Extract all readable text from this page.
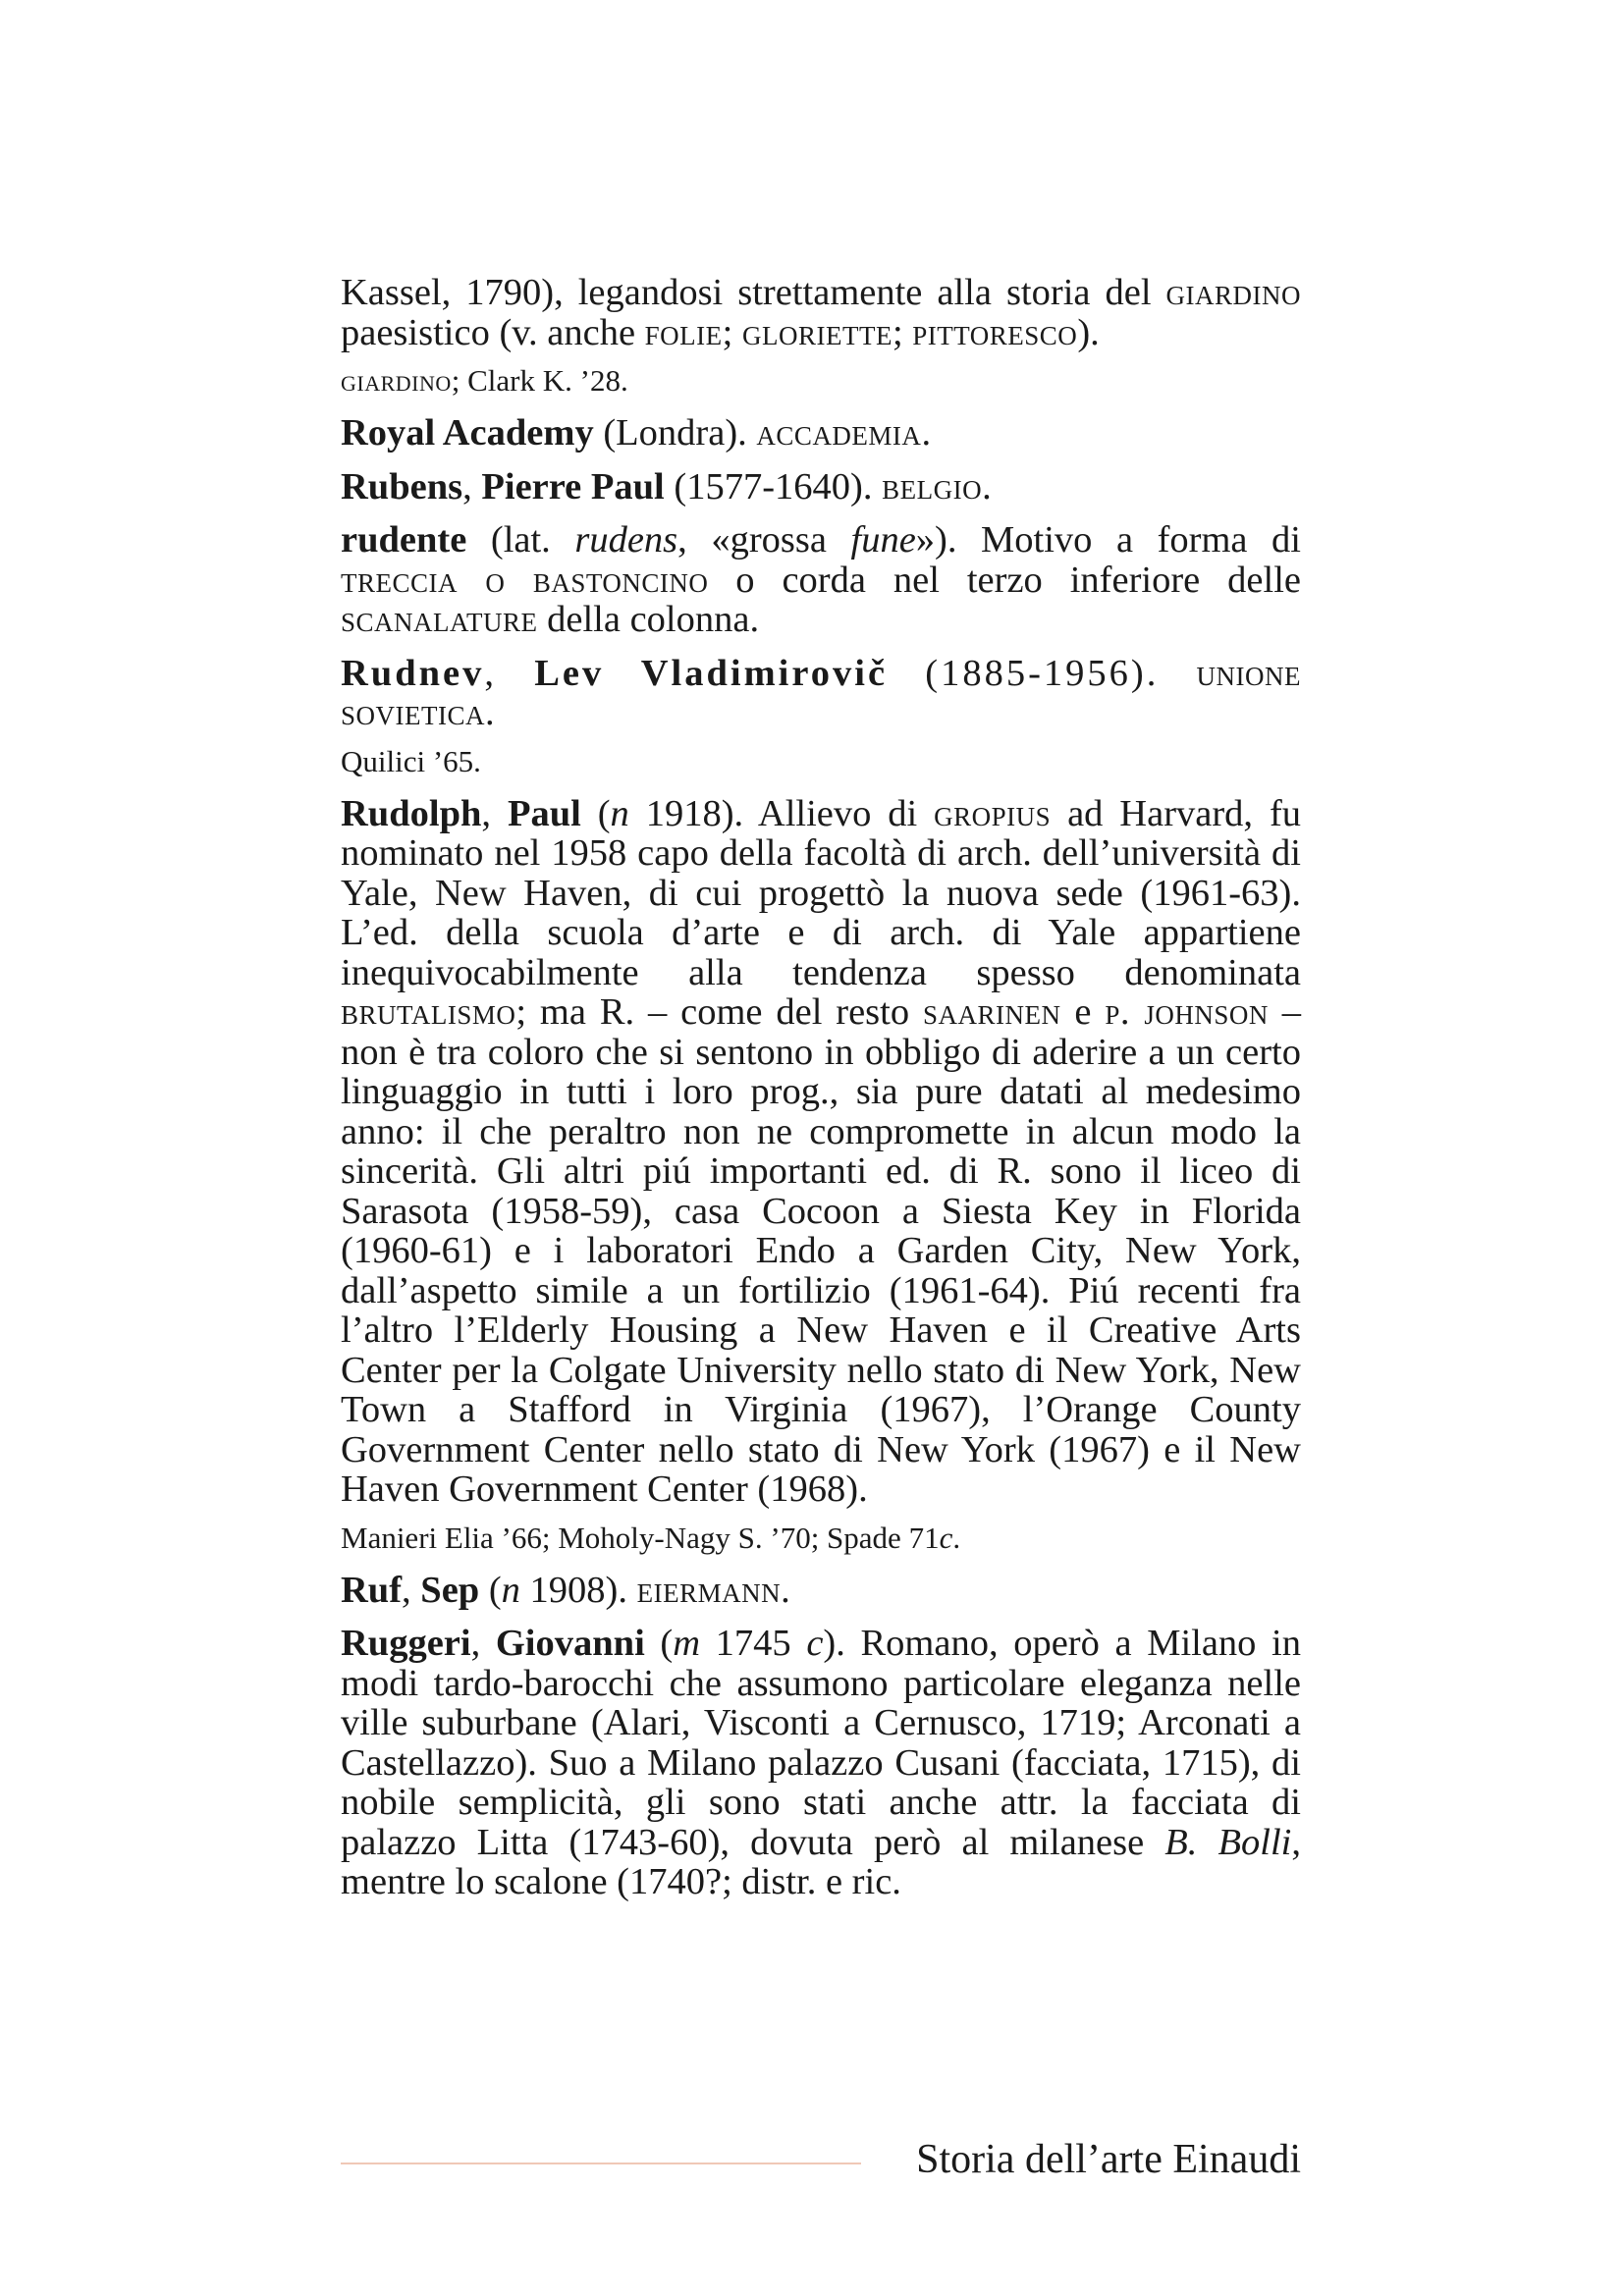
Kassel, 1790), legandosi strettamente alla storia del giardino paesistico (v. anche folie; gloriette; pittoresco).

giardino; Clark K. ’28.

Royal Academy (Londra). accademia.

Rubens, Pierre Paul (1577-1640). belgio.

rudente (lat. rudens, «grossa fune»). Motivo a forma di treccia o bastoncino o corda nel terzo inferiore delle scanalature della colonna.

Rudnev, Lev Vladimirovič (1885-1956). unione sovietica.

Quilici ’65.

Rudolph, Paul (n 1918). Allievo di gropius ad Harvard, fu nominato nel 1958 capo della facoltà di arch. dell’università di Yale, New Haven, di cui progettò la nuova sede (1961-63). L’ed. della scuola d’arte e di arch. di Yale appartiene inequivocabilmente alla tendenza spesso denominata brutalismo; ma R. – come del resto saarinen e p. johnson – non è tra coloro che si sentono in obbligo di aderire a un certo linguaggio in tutti i loro prog., sia pure datati al medesimo anno: il che peraltro non ne compromette in alcun modo la sincerità. Gli altri piú importanti ed. di R. sono il liceo di Sarasota (1958-59), casa Cocoon a Siesta Key in Florida (1960-61) e i laboratori Endo a Garden City, New York, dall’aspetto simile a un fortilizio (1961-64). Piú recenti fra l’altro l’Elderly Housing a New Haven e il Creative Arts Center per la Colgate University nello stato di New York, New Town a Stafford in Virginia (1967), l’Orange County Government Center nello stato di New York (1967) e il New Haven Government Center (1968).

Manieri Elia ’66; Moholy-Nagy S. ’70; Spade 71c.

Ruf, Sep (n 1908). eiermann.

Ruggeri, Giovanni (m 1745 c). Romano, operò a Milano in modi tardo-barocchi che assumono particolare eleganza nelle ville suburbane (Alari, Visconti a Cernusco, 1719; Arconati a Castellazzo). Suo a Milano palazzo Cusani (facciata, 1715), di nobile semplicità, gli sono stati anche attr. la facciata di palazzo Litta (1743-60), dovuta però al milanese B. Bolli, mentre lo scalone (1740?; distr. e ric.

Storia dell’arte Einaudi
